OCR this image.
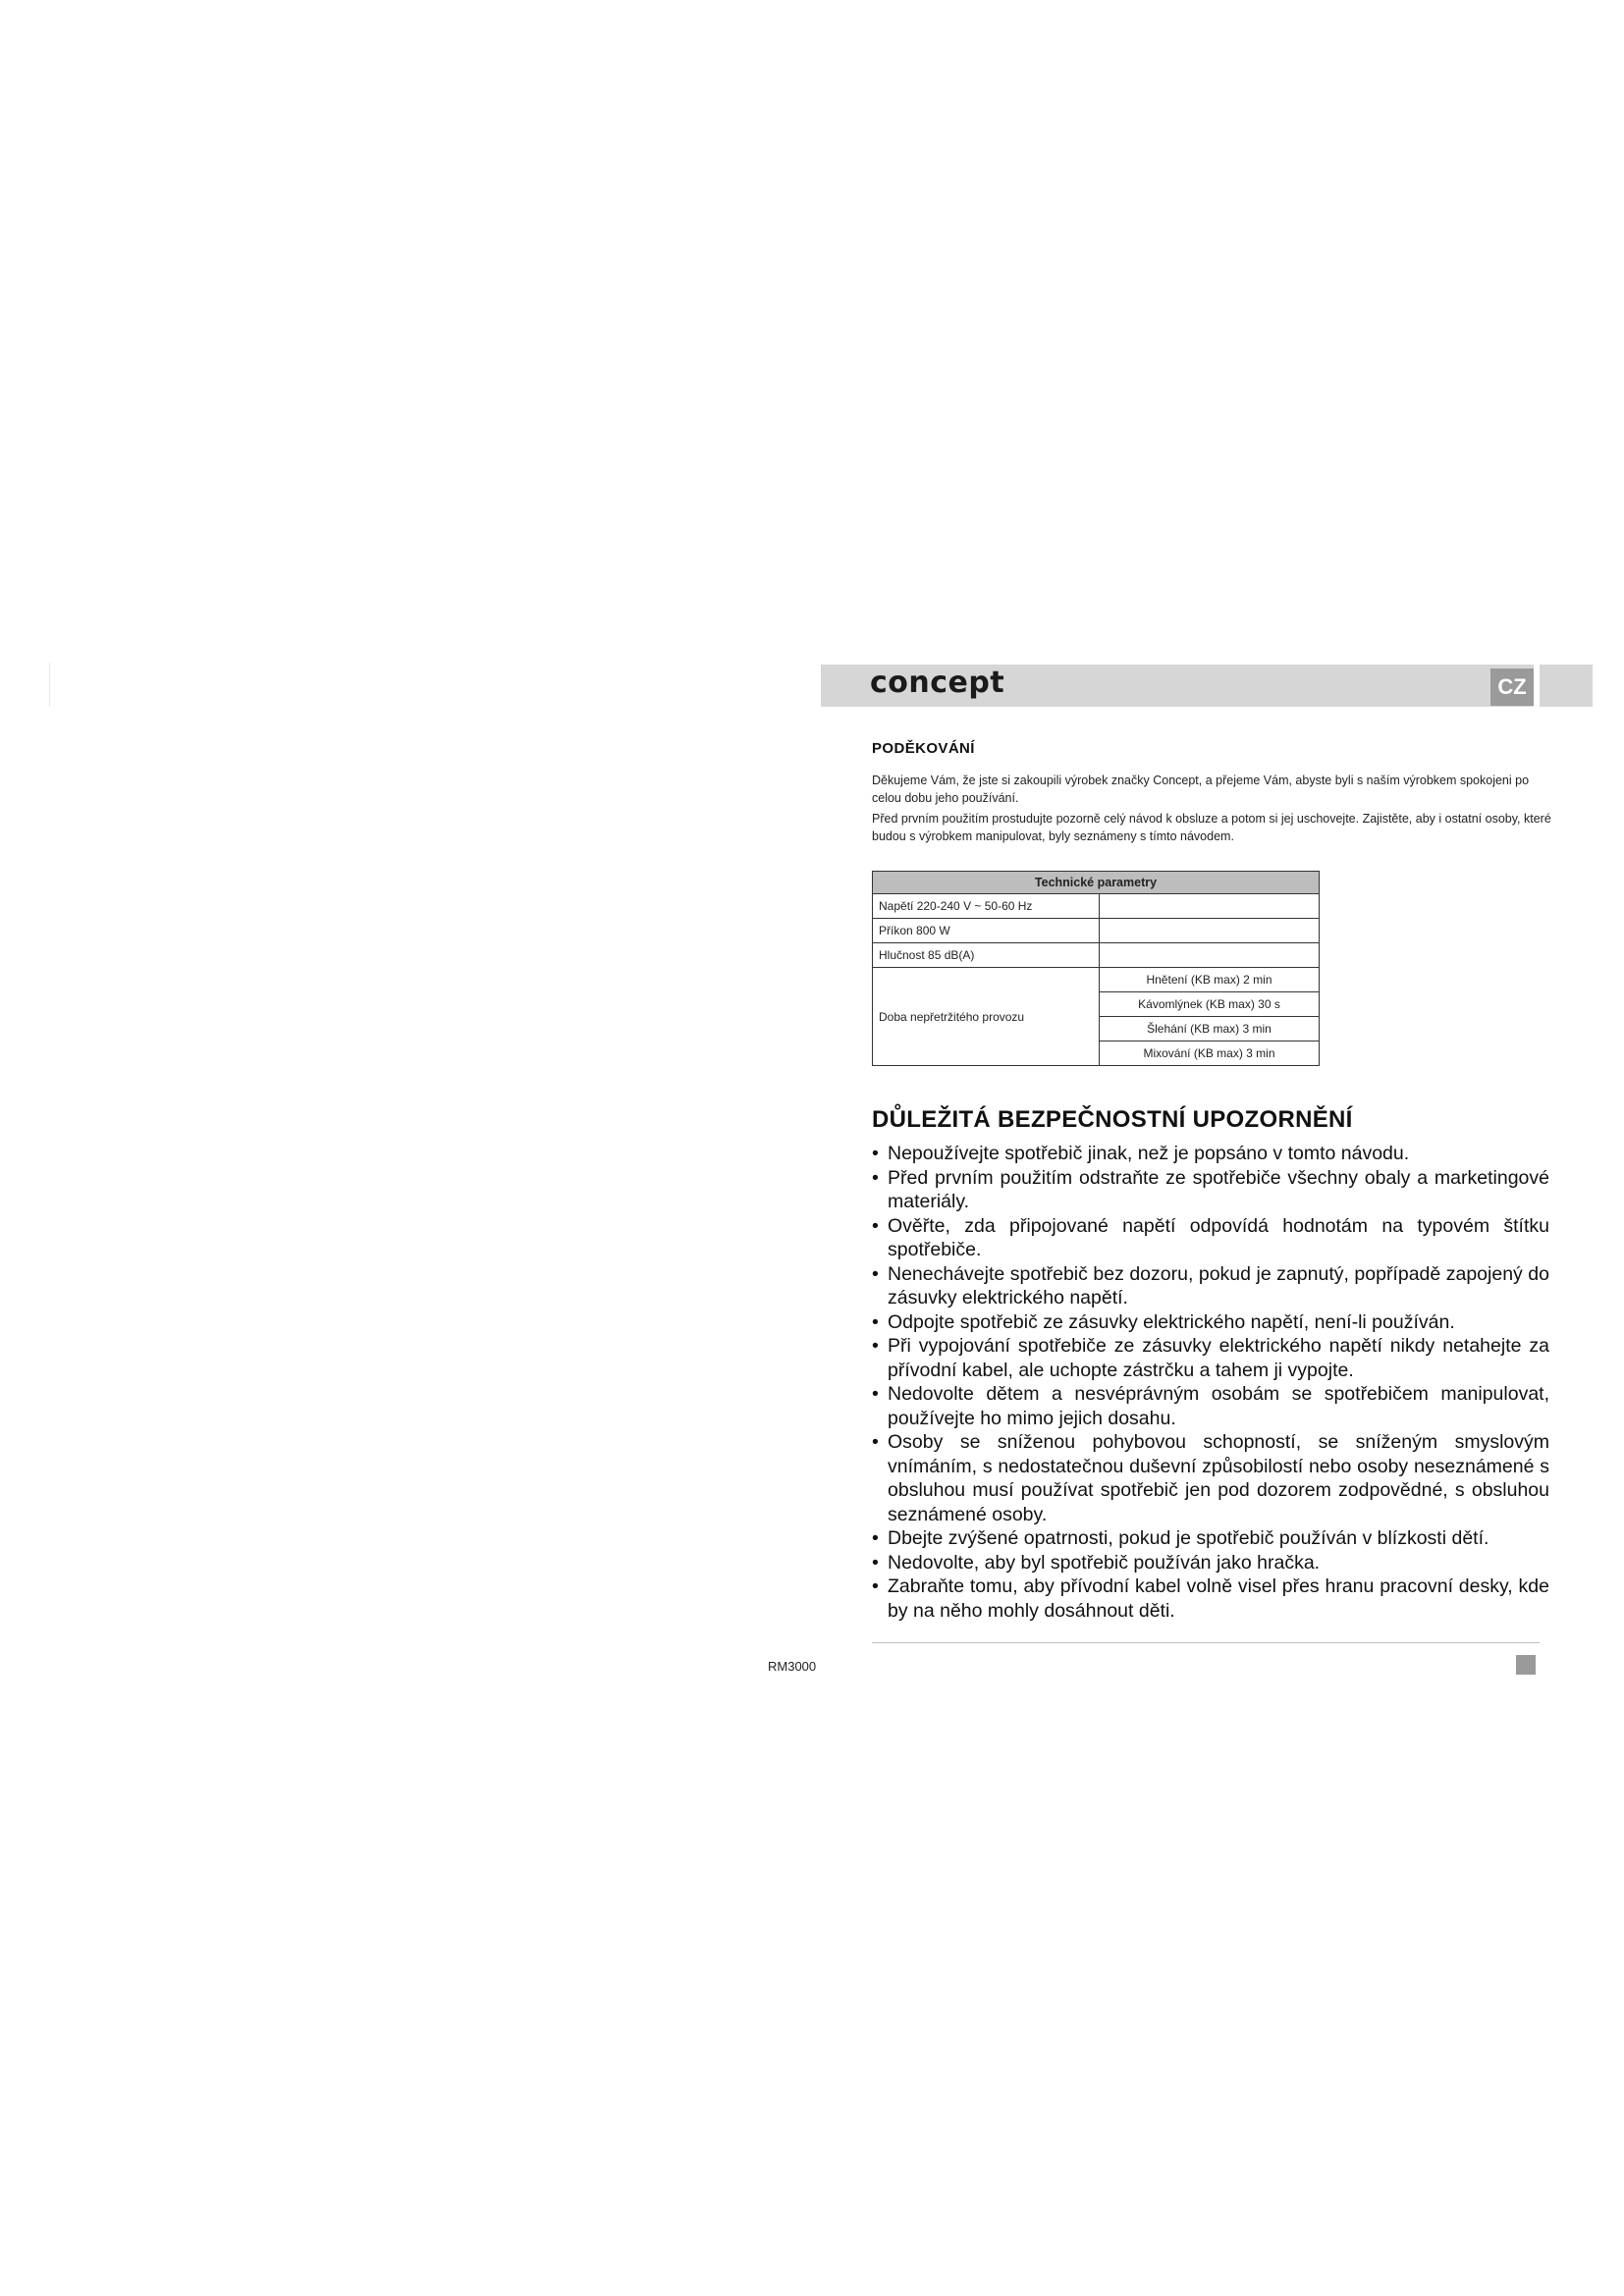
concept	CZ
PODĚKOVÁNÍ

Děkujeme Vám, že jste si zakoupili výrobek značky Concept, a přejeme Vám, abyste byli s naším výrobkem spokojeni po celou dobu jeho používání.

Před prvním použitím prostudujte pozorně celý návod k obsluze a potom si jej uschovejte. Zajistěte, aby i ostatní osoby, které budou s výrobkem manipulovat, byly seznámeny s tímto návodem.

Technické parametry	
Napětí 220-240 V ~ 50-60 Hz	
Příkon 800 W	
Hlučnost 85 dB(A)	
Doba nepřetržitého provozu	Hnětení (KB max) 2 min
	Kávomlýnek (KB max) 30 s
	Šlehání (KB max) 3 min
	Mixování (KB max) 3 min
DŮLEŽITÁ BEZPEČNOSTNÍ UPOZORNĚNÍ
• Nepoužívejte spotřebič jinak, než je popsáno v tomto návodu.
• Před prvním použitím odstraňte ze spotřebiče všechny obaly a marketingové materiály.
• Ověřte, zda připojované napětí odpovídá hodnotám na typovém štítku spotřebiče.
• Nenechávejte spotřebič bez dozoru, pokud je zapnutý, popřípadě zapojený do zásuvky elektrického napětí.
• Odpojte spotřebič ze zásuvky elektrického napětí, není-li používán.
• Při vypojování spotřebiče ze zásuvky elektrického napětí nikdy netahejte za přívodní kabel, ale uchopte zástrčku a tahem ji vypojte.
• Nedovolte dětem a nesvéprávným osobám se spotřebičem manipulovat, používejte ho mimo jejich dosahu.
• Osoby se sníženou pohybovou schopností, se sníženým smyslovým vnímáním, s nedostatečnou duševní způsobilostí nebo osoby neseznámené s obsluhou musí používat spotřebič jen pod dozorem zodpovědné, s obsluhou seznámené osoby.
• Dbejte zvýšené opatrnosti, pokud je spotřebič používán v blízkosti dětí.
• Nedovolte, aby byl spotřebič používán jako hračka.
• Zabraňte tomu, aby přívodní kabel volně visel přes hranu pracovní desky, kde by na něho mohly dosáhnout děti.
RM3000
